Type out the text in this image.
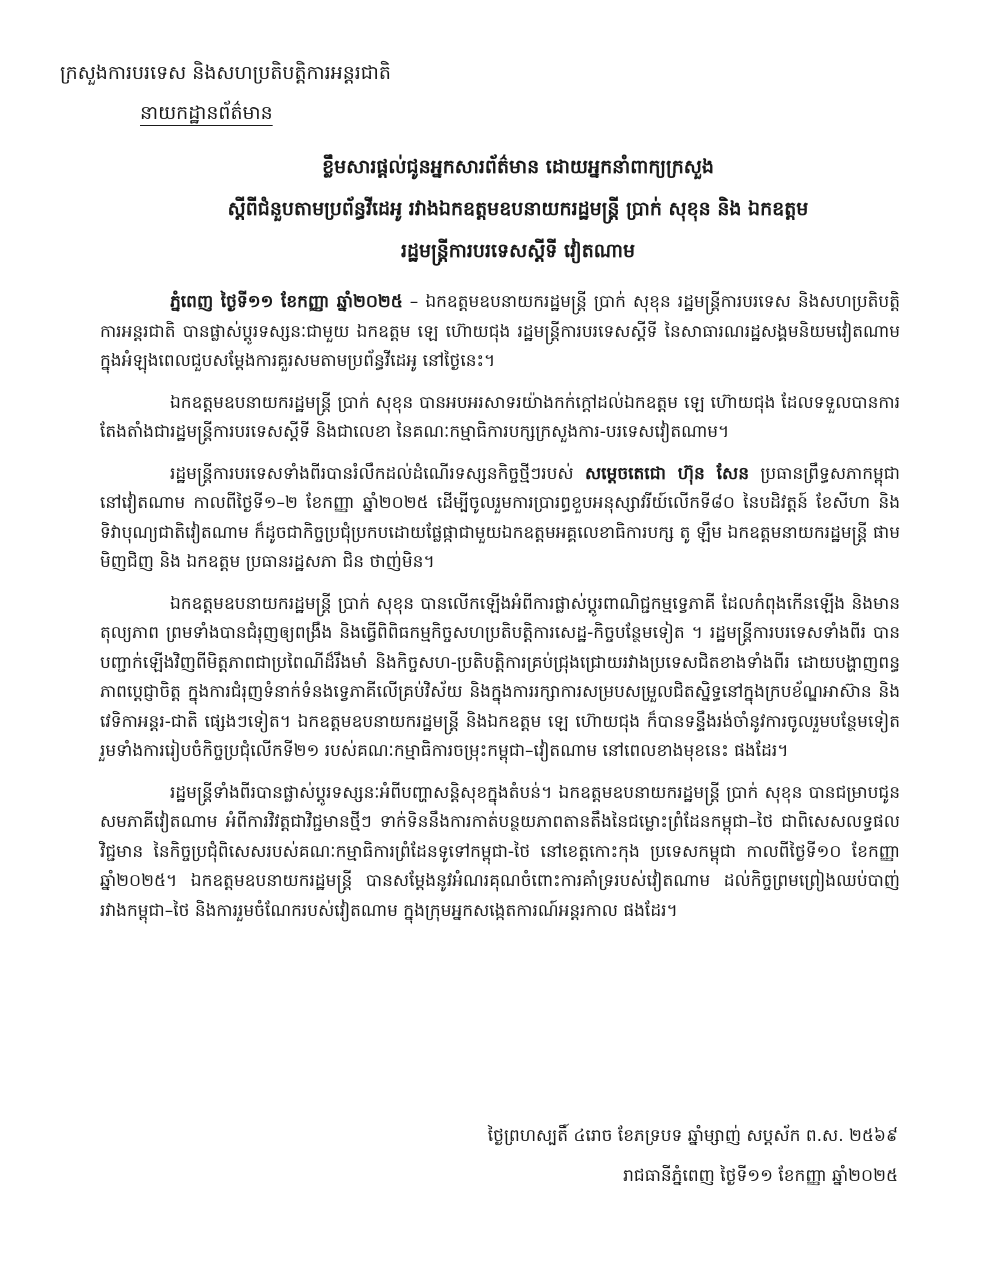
ក្រសួងការបរទេស និងសហប្រតិបត្តិការអន្តរជាតិ
នាយកដ្ឋានព័ត៌មាន
ខ្លឹមសារផ្តល់ជូនអ្នកសារព័ត៌មាន ដោយអ្នកនាំពាក្យក្រសួង
ស្តីពីជំនួបតាមប្រព័ន្ធវីដេអូ រវាងឯកឧត្តមឧបនាយករដ្ឋមន្ត្រី ប្រាក់ សុខុន និង ឯកឧត្តម
រដ្ឋមន្ត្រីការបរទេសស្តីទី វៀតណាម

ភ្នំពេញ ថ្ងៃទី១១ ខែកញ្ញា ឆ្នាំ២០២៥ – ឯកឧត្តមឧបនាយករដ្ឋមន្ត្រី ប្រាក់ សុខុន រដ្ឋមន្ត្រីការបរទេស និងសហប្រតិបត្តិការអន្តរជាតិ បានផ្លាស់ប្តូរទស្សនៈជាមួយ ឯកឧត្តម ឡេ ហ៊ោយជុង រដ្ឋមន្ត្រីការបរទេសស្តីទី នៃសាធារណរដ្ឋសង្គមនិយមវៀតណាម ក្នុងអំឡុងពេលជួបសម្តែងការគួរសមតាមប្រព័ន្ធវីដេអូ នៅថ្ងៃនេះ។

ឯកឧត្តមឧបនាយករដ្ឋមន្ត្រី ប្រាក់ សុខុន បានអបអរសាទរយ៉ាងកក់ក្តៅដល់ឯកឧត្តម ឡេ ហ៊ោយជុង ដែលទទួលបានការតែងតាំងជារដ្ឋមន្ត្រីការបរទេសស្តីទី និងជាលេខា នៃគណៈកម្មាធិការបក្សក្រសួងការ-បរទេសវៀតណាម។

រដ្ឋមន្ត្រីការបរទេសទាំងពីរបានរំលឹកដល់ដំណើរទស្សនកិច្ចថ្មីៗរបស់ សម្តេចតេជោ ហ៊ុន សែន ប្រធានព្រឹទ្ធសភាកម្ពុជា នៅវៀតណាម កាលពីថ្ងៃទី១–២ ខែកញ្ញា ឆ្នាំ២០២៥ ដើម្បីចូលរួមការប្រារព្ធខួបអនុស្សាវរីយ៍លើកទី៨០ នៃបដិវត្តន៍ ខែសីហា និងទិវាបុណ្យជាតិវៀតណាម ក៏ដូចជាកិច្ចប្រជុំប្រកបដោយផ្លែផ្កាជាមួយឯកឧត្តមអគ្គលេខាធិការបក្ស តូ ឡឹម ឯកឧត្តមនាយករដ្ឋមន្ត្រី ផាម មិញជិញ និង ឯកឧត្តម ប្រធានរដ្ឋសភា ជិន ថាញ់មិន។

ឯកឧត្តមឧបនាយករដ្ឋមន្ត្រី ប្រាក់ សុខុន បានលើកឡើងអំពីការផ្លាស់ប្តូរពាណិជ្ជកម្មទ្វេភាគី ដែលកំពុងកើនឡើង និងមានតុល្យភាព ព្រមទាំងបានជំរុញឲ្យពង្រឹង និងធ្វើពិពិធកម្មកិច្ចសហប្រតិបត្តិការសេដ្ឋ-កិច្ចបន្ថែមទៀត ។ រដ្ឋមន្ត្រីការបរទេសទាំងពីរ បានបញ្ជាក់ឡើងវិញពីមិត្តភាពជាប្រពៃណីដ៏រឹងមាំ និងកិច្ចសហ-ប្រតិបត្តិការគ្រប់ជ្រុងជ្រោយរវាងប្រទេសជិតខាងទាំងពីរ ដោយបង្ហាញពន្ធភាពប្តេជ្ញាចិត្ត ក្នុងការជំរុញទំនាក់ទំនងទ្វេភាគីលើគ្រប់វិស័យ និងក្នុងការរក្សាការសម្របសម្រួលជិតស្និទ្ធនៅក្នុងក្របខ័ណ្ឌអាស៊ាន និងវេទិកាអន្តរ-ជាតិ ផ្សេងៗទៀត។ ឯកឧត្តមឧបនាយករដ្ឋមន្ត្រី និងឯកឧត្តម ឡេ ហ៊ោយជុង ក៏បានទន្ទឹងរង់ចាំនូវការចូលរួមបន្ថែមទៀត រួមទាំងការរៀបចំកិច្ចប្រជុំលើកទី២១ របស់គណៈកម្មាធិការចម្រុះកម្ពុជា–វៀតណាម នៅពេលខាងមុខនេះ ផងដែរ។

រដ្ឋមន្ត្រីទាំងពីរបានផ្លាស់ប្តូរទស្សនៈអំពីបញ្ហាសន្តិសុខក្នុងតំបន់។ ឯកឧត្តមឧបនាយករដ្ឋមន្ត្រី ប្រាក់ សុខុន បានជម្រាបជូនសមភាគីវៀតណាម អំពីការវិវត្តជាវិជ្ជមានថ្មីៗ ទាក់ទិននឹងការកាត់បន្ថយភាពតានតឹងនៃជម្លោះព្រំដែនកម្ពុជា–ថៃ ជាពិសេសលទ្ធផលវិជ្ជមាន នៃកិច្ចប្រជុំពិសេសរបស់គណៈកម្មាធិការព្រំដែនទូទៅកម្ពុជា-ថៃ នៅខេត្តកោះកុង ប្រទេសកម្ពុជា កាលពីថ្ងៃទី១០ ខែកញ្ញា ឆ្នាំ២០២៥។ ឯកឧត្តមឧបនាយករដ្ឋមន្ត្រី បានសម្តែងនូវអំណរគុណចំពោះការគាំទ្ររបស់វៀតណាម ដល់កិច្ចព្រមព្រៀងឈប់បាញ់រវាងកម្ពុជា–ថៃ និងការរួមចំណែករបស់វៀតណាម ក្នុងក្រុមអ្នកសង្កេតការណ៍អន្តរកាល ផងដែរ។

ថ្ងៃព្រហស្បតិ៍ ៤រោច ខែភទ្របទ ឆ្នាំម្សាញ់ សប្តស័ក ព.ស. ២៥៦៩
រាជធានីភ្នំពេញ ថ្ងៃទី១១ ខែកញ្ញា ឆ្នាំ២០២៥
